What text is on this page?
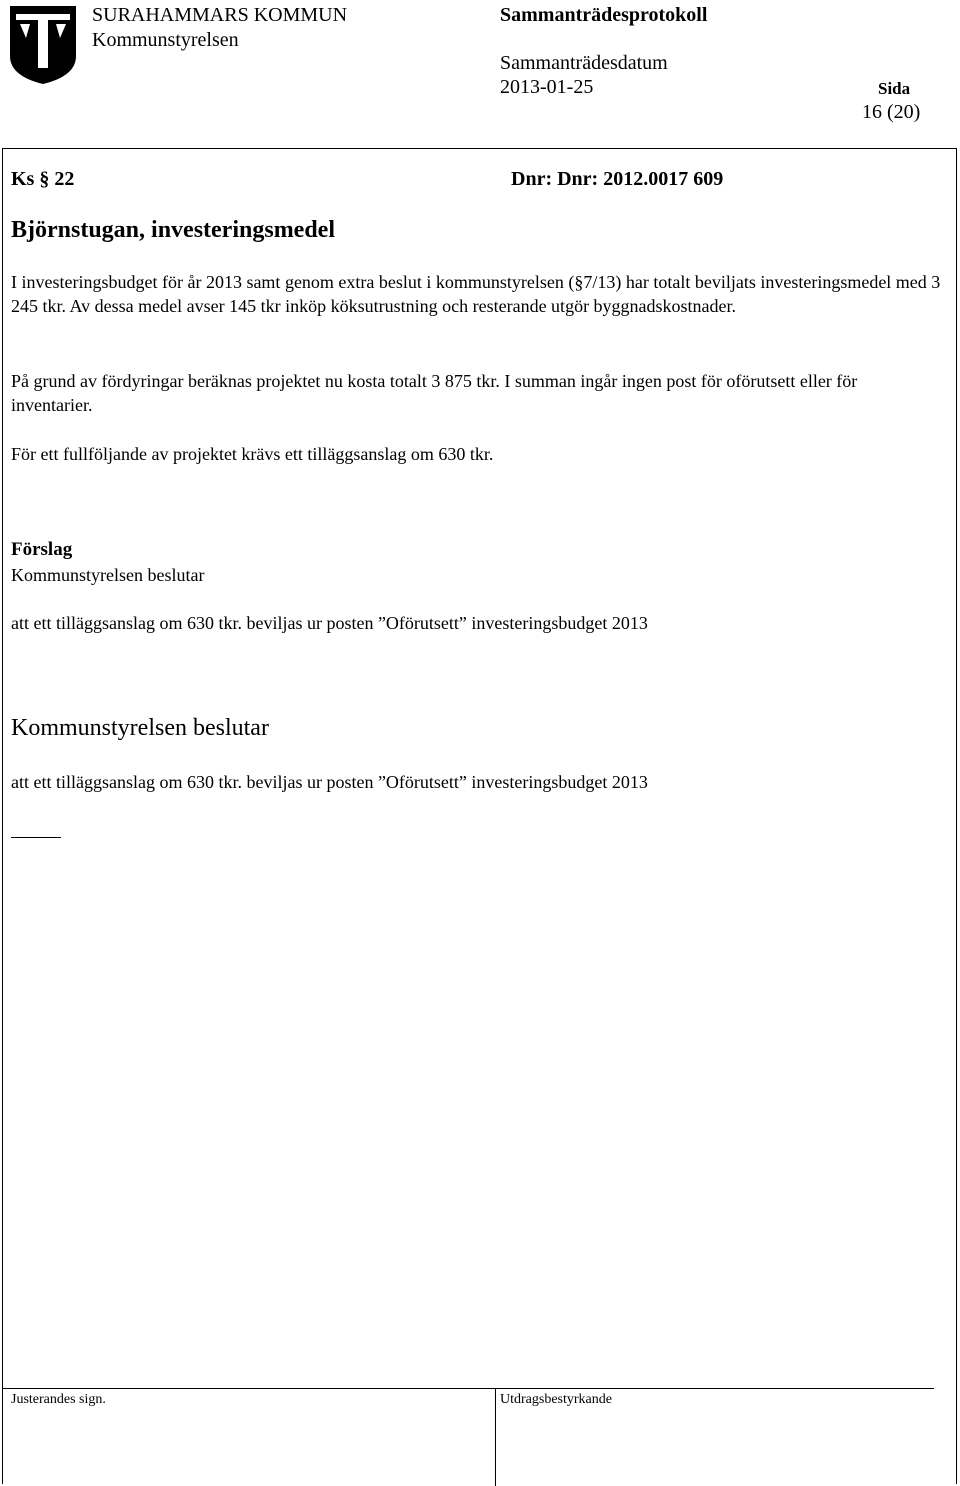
SURAHAMMARS KOMMUN
Kommunstyrelsen
Sammanträdesprotokoll
Sammanträdesdatum
2013-01-25	Sida
16 (20)
Ks § 22	Dnr: Dnr: 2012.0017 609
Björnstugan, investeringsmedel
I investeringsbudget för år 2013 samt genom extra beslut i kommunstyrelsen (§7/13) har totalt beviljats investeringsmedel med 3 245 tkr. Av dessa medel avser 145 tkr inköp köksutrustning och resterande utgör byggnadskostnader.
På grund av fördyringar beräknas projektet nu kosta totalt 3 875 tkr. I summan ingår ingen post för oförutsett eller för inventarier.
För ett fullföljande av projektet krävs ett tilläggsanslag om 630 tkr.
Förslag
Kommunstyrelsen beslutar
att ett tilläggsanslag om 630 tkr. beviljas ur posten ”Oförutsett” investeringsbudget 2013
Kommunstyrelsen beslutar
att ett tilläggsanslag om 630 tkr. beviljas ur posten ”Oförutsett” investeringsbudget 2013
Justerandes sign.	Utdragsbestyrkande
